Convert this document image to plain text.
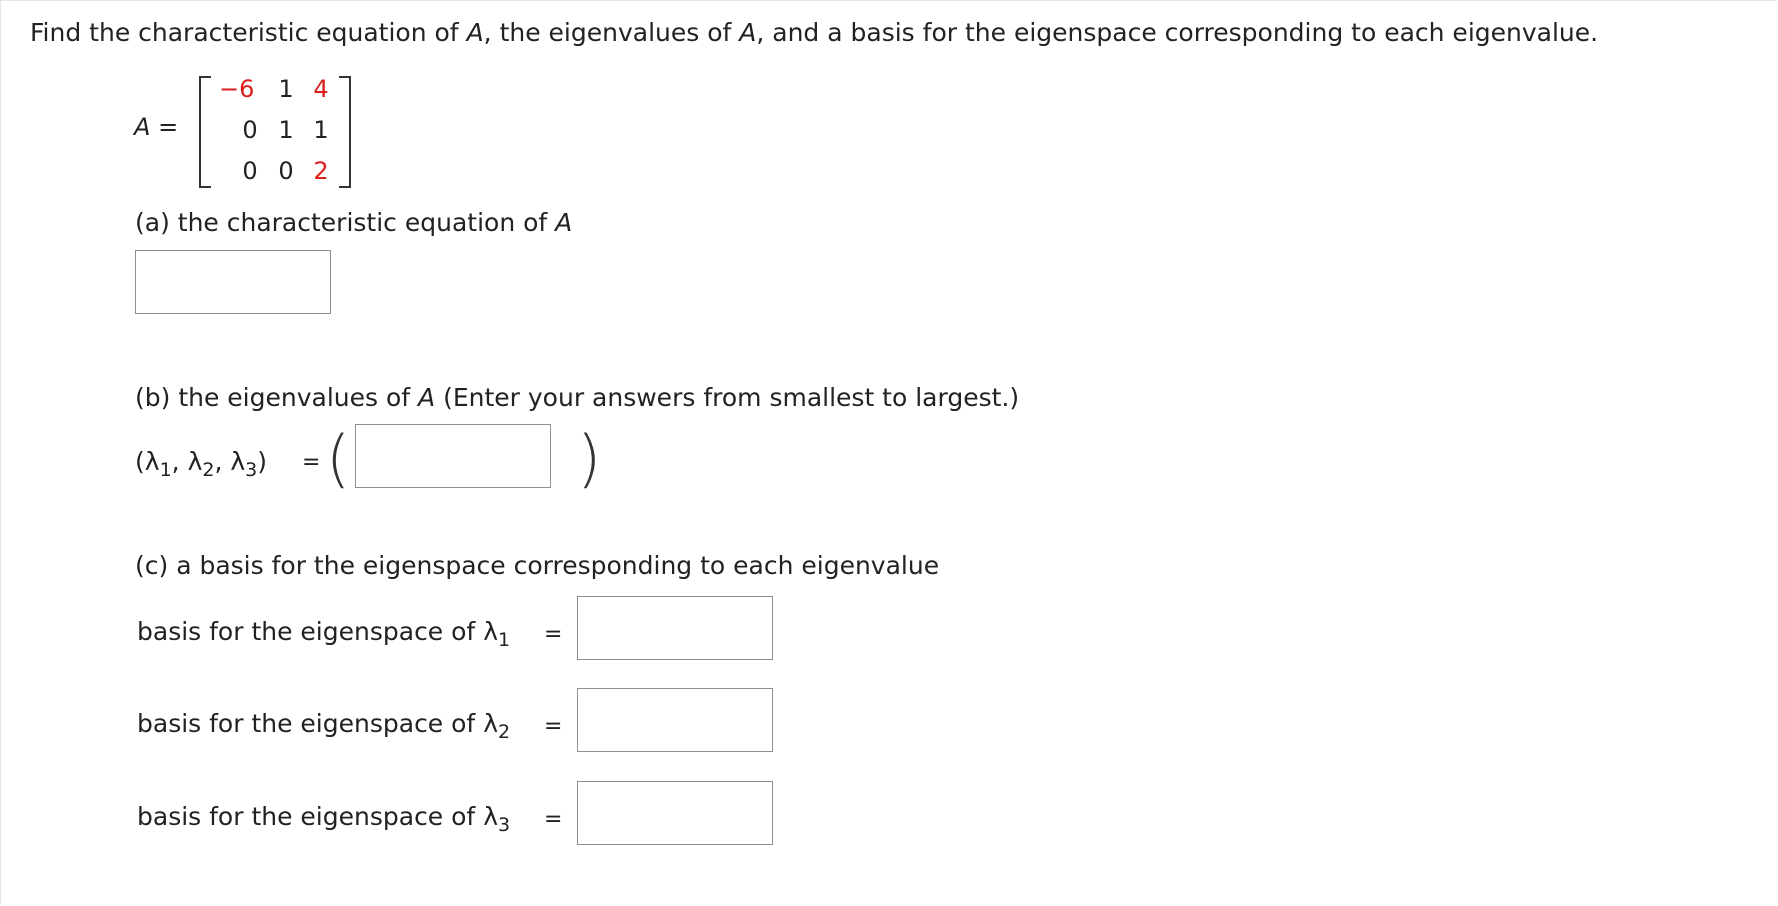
Find the characteristic equation of A, the eigenvalues of A, and a basis for the eigenspace corresponding to each eigenvalue.
A =
−6 1 4
0 1 1
0 0 2
(a) the characteristic equation of A
(b) the eigenvalues of A (Enter your answers from smallest to largest.)
($\lambda_1$, $\lambda_2$, $\lambda_3$) = (	)
(c) a basis for the eigenspace corresponding to each eigenvalue
basis for the eigenspace of $\lambda_1$ =
basis for the eigenspace of $\lambda_2$ =
basis for the eigenspace of $\lambda_3$ =
